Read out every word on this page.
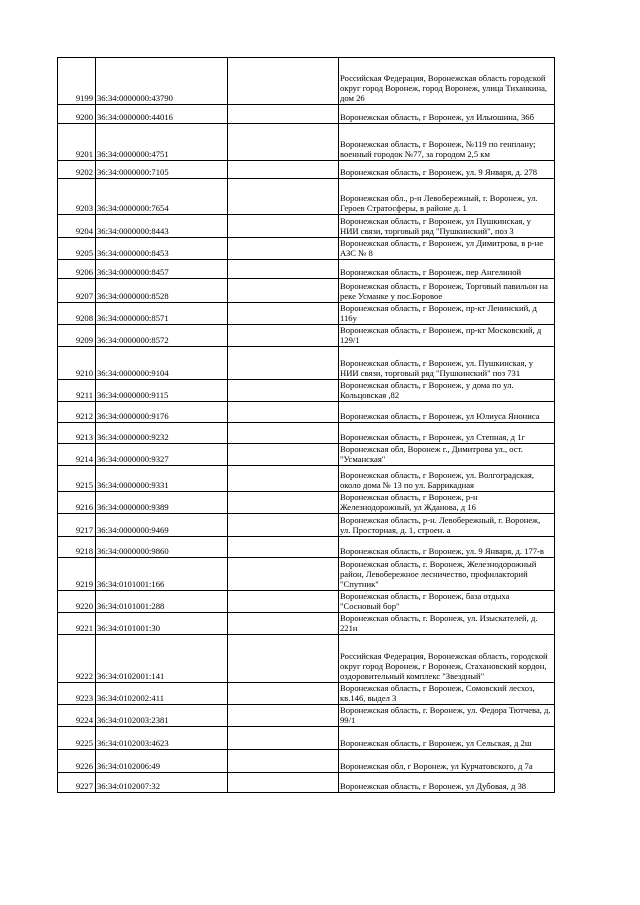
9199	36:34:0000000:43790		Российская Федерация, Воронежская область городской округ город Воронеж, город Воронеж, улица Тиханкина, дом 26
9200	36:34:0000000:44016		Воронежская область, г Воронеж, ул Ильюшина, 36б
9201	36:34:0000000:4751		Воронежская область, г Воронеж, №119 по генплану; военный городок №77, за городом 2,5 км
9202	36:34:0000000:7105		Воронежская область, г Воронеж, ул. 9 Января, д. 278
9203	36:34:0000000:7654		Воронежская обл., р-н Левобережный, г. Воронеж, ул. Героев Стратосферы, в районе д. 1
9204	36:34:0000000:8443		Воронежская область, г Воронеж, ул Пушкинская, у НИИ связи, торговый ряд "Пушкинский", поз 3
9205	36:34:0000000:8453		Воронежская область, г Воронеж, ул Димитрова, в р-не АЗС № 8
9206	36:34:0000000:8457		Воронежская область, г Воронеж, пер Ангелиной
9207	36:34:0000000:8528		Воронежская область, г Воронеж, Торговый павильон на реке Усманке у пос.Боровое
9208	36:34:0000000:8571		Воронежская область, г Воронеж, пр-кт Ленинский, д 116у
9209	36:34:0000000:8572		Воронежская область, г Воронеж, пр-кт Московский, д 129/1
9210	36:34:0000000:9104		Воронежская область, г Воронеж, ул. Пушкинская, у НИИ связи, торговый ряд "Пушкинский" поз 731
9211	36:34:0000000:9115		Воронежская область, г Воронеж, у дома по ул. Кольцовская ,82
9212	36:34:0000000:9176		Воронежская область, г Воронеж, ул Юлиуса Янониса
9213	36:34:0000000:9232		Воронежская область, г Воронеж, ул Степная, д 1г
9214	36:34:0000000:9327		Воронежская обл, Воронеж г., Димитрова ул., ост. "Усманская"
9215	36:34:0000000:9331		Воронежская область, г Воронеж, ул. Волгоградская, около дома № 13 по ул. Баррикадная
9216	36:34:0000000:9389		Воронежская область, г Воронеж, р-н Железнодорожный, ул Жданова, д 16
9217	36:34:0000000:9469		Воронежская область, р-н. Левобережный, г. Воронеж, ул. Просторная, д. 1, строен. а
9218	36:34:0000000:9860		Воронежская область, г Воронеж, ул. 9 Января, д. 177-в
9219	36:34:0101001:166		Воронежская область, г. Воронеж, Железнодорожный район, Левобережное лесничество, профилакторий "Спутник"
9220	36:34:0101001:288		Воронежская область, г Воронеж, база отдыха "Сосновый бор"
9221	36:34:0101001:30		Воронежская область, г. Воронеж, ул. Изыскателей, д. 221н
9222	36:34:0102001:141		Российская Федерация, Воронежская область, городской округ город Воронеж, г Воронеж, Стахановский кордон, оздоровительный комплекс "Звездный"
9223	36:34:0102002:411		Воронежская область, г Воронеж, Сомовский лесхоз, кв.146, выдел 3
9224	36:34:0102003:2381		Воронежская область, г. Воронеж, ул. Федора Тютчева, д. 99/1
9225	36:34:0102003:4623		Воронежская область, г Воронеж, ул Сельская, д 2ш
9226	36:34:0102006:49		Воронежская обл, г Воронеж, ул Курчатовского, д 7а
9227	36:34:0102007:32		Воронежская область, г Воронеж, ул Дубовая, д 38
